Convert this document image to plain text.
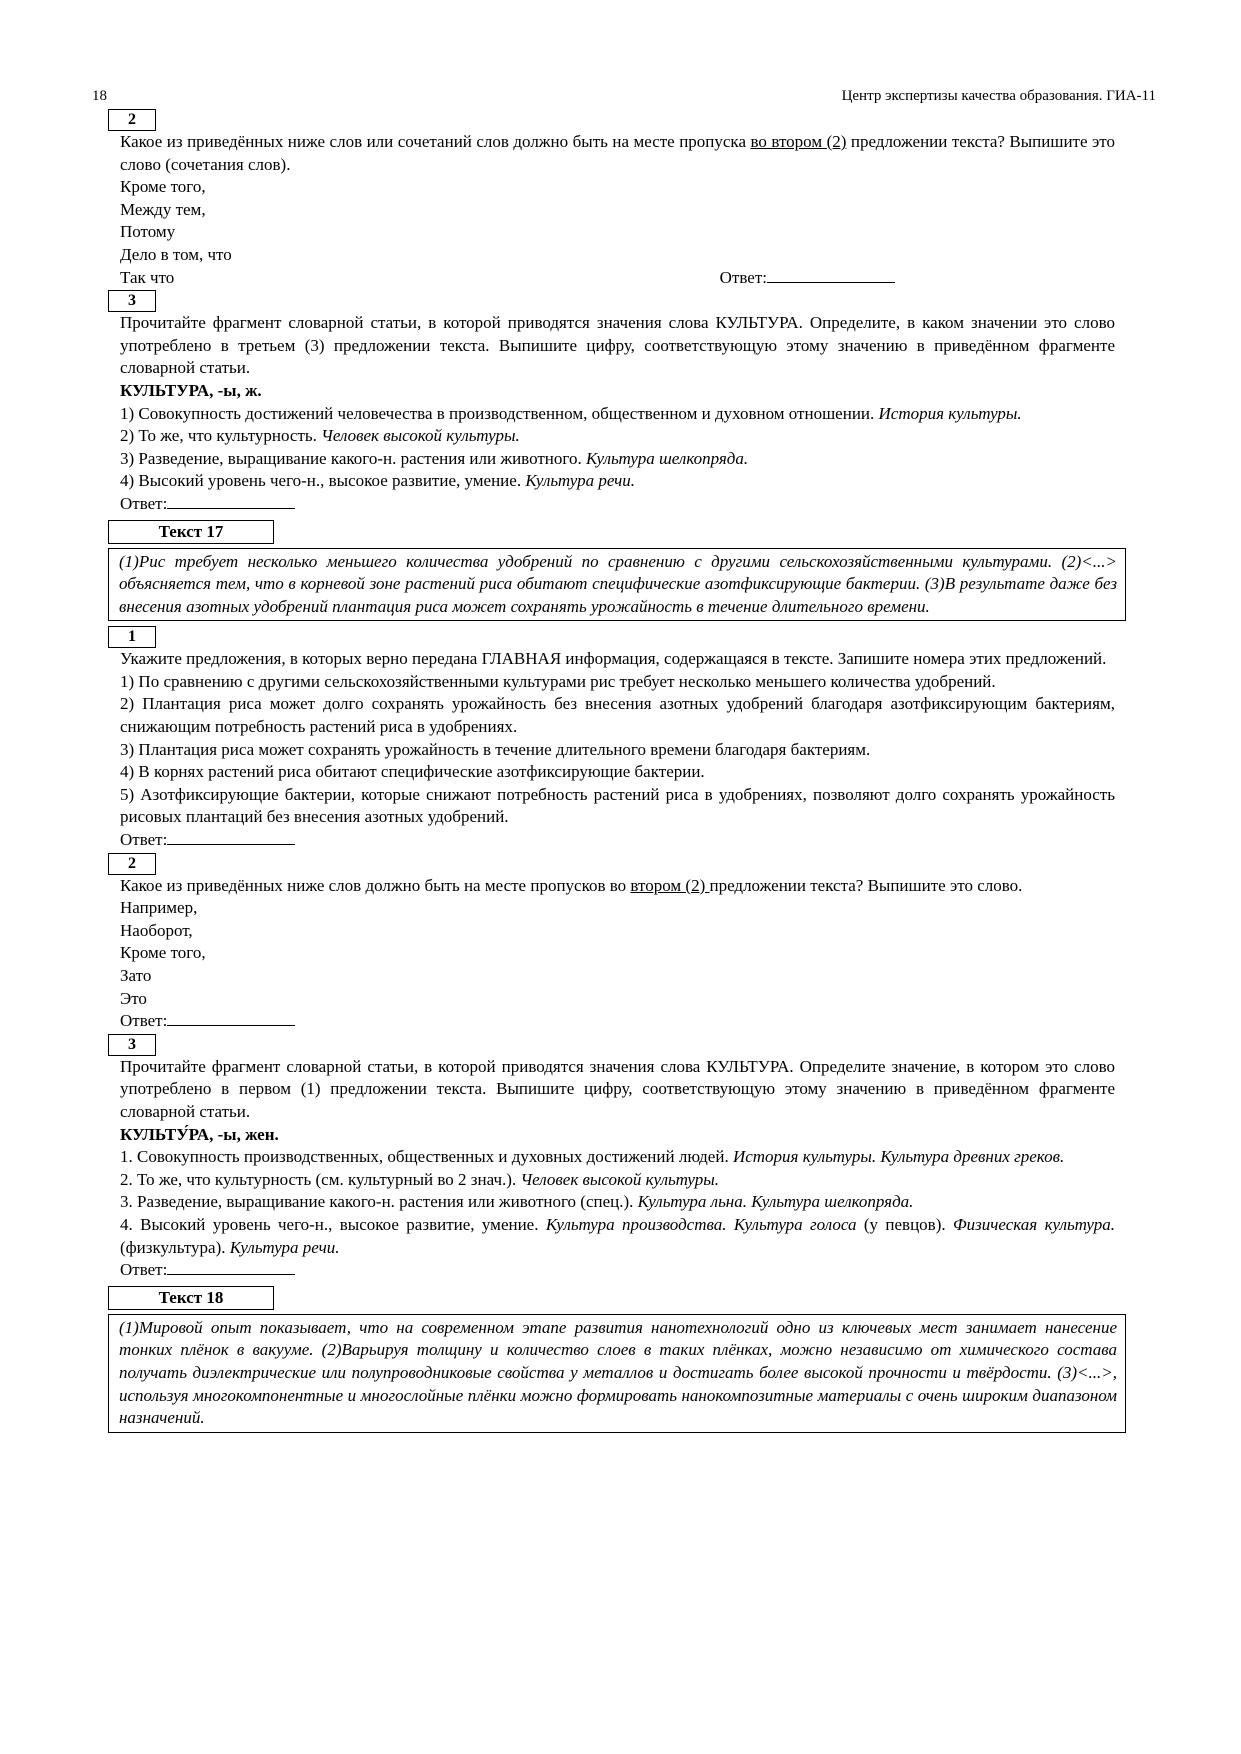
18	Центр экспертизы качества образования. ГИА-11
2
Какое из приведённых ниже слов или сочетаний слов должно быть на месте пропуска во втором (2) предложении текста? Выпишите это слово (сочетания слов).
Кроме того,
Между тем,
Потому
Дело в том, что
Так что	Ответ:
3
Прочитайте фрагмент словарной статьи, в которой приводятся значения слова КУЛЬТУРА. Определите, в каком значении это слово употреблено в третьем (3) предложении текста. Выпишите цифру, соответствующую этому значению в приведённом фрагменте словарной статьи.
КУЛЬТУРА, -ы, ж.
1) Совокупность достижений человечества в производственном, общественном и духовном отношении. История культуры.
2) То же, что культурность. Человек высокой культуры.
3) Разведение, выращивание какого-н. растения или животного. Культура шелкопряда.
4) Высокий уровень чего-н., высокое развитие, умение. Культура речи.
Ответ:
Текст 17
(1)Рис требует несколько меньшего количества удобрений по сравнению с другими сельскохозяйственными культурами. (2)<...> объясняется тем, что в корневой зоне растений риса обитают специфические азотфиксирующие бактерии. (3)В результате даже без внесения азотных удобрений плантация риса может сохранять урожайность в течение длительного времени.
1
Укажите предложения, в которых верно передана ГЛАВНАЯ информация, содержащаяся в тексте. Запишите номера этих предложений.
1) По сравнению с другими сельскохозяйственными культурами рис требует несколько меньшего количества удобрений.
2) Плантация риса может долго сохранять урожайность без внесения азотных удобрений благодаря азотфиксирующим бактериям, снижающим потребность растений риса в удобрениях.
3) Плантация риса может сохранять урожайность в течение длительного времени благодаря бактериям.
4) В корнях растений риса обитают специфические азотфиксирующие бактерии.
5) Азотфиксирующие бактерии, которые снижают потребность растений риса в удобрениях, позволяют долго сохранять урожайность рисовых плантаций без внесения азотных удобрений.
Ответ:
2
Какое из приведённых ниже слов должно быть на месте пропусков во втором (2) предложении текста? Выпишите это слово.
Например,
Наоборот,
Кроме того,
Зато
Это
Ответ:
3
Прочитайте фрагмент словарной статьи, в которой приводятся значения слова КУЛЬТУРА. Определите значение, в котором это слово употреблено в первом (1) предложении текста. Выпишите цифру, соответствующую этому значению в приведённом фрагменте словарной статьи.
КУЛЬТУ́РА, -ы, жен.
1. Совокупность производственных, общественных и духовных достижений людей. История культуры. Культура древних греков.
2. То же, что культурность (см. культурный во 2 знач.). Человек высокой культуры.
3. Разведение, выращивание какого-н. растения или животного (спец.). Культура льна. Культура шелкопряда.
4. Высокий уровень чего-н., высокое развитие, умение. Культура производства. Культура голоса (у певцов). Физическая культура. (физкультура). Культура речи.
Ответ:
Текст 18
(1)Мировой опыт показывает, что на современном этапе развития нанотехнологий одно из ключевых мест занимает нанесение тонких плёнок в вакууме. (2)Варьируя толщину и количество слоев в таких плёнках, можно независимо от химического состава получать диэлектрические или полупроводниковые свойства у металлов и достигать более высокой прочности и твёрдости. (3)<...>, используя многокомпонентные и многослойные плёнки можно формировать нанокомпозитные материалы с очень широким диапазоном назначений.
